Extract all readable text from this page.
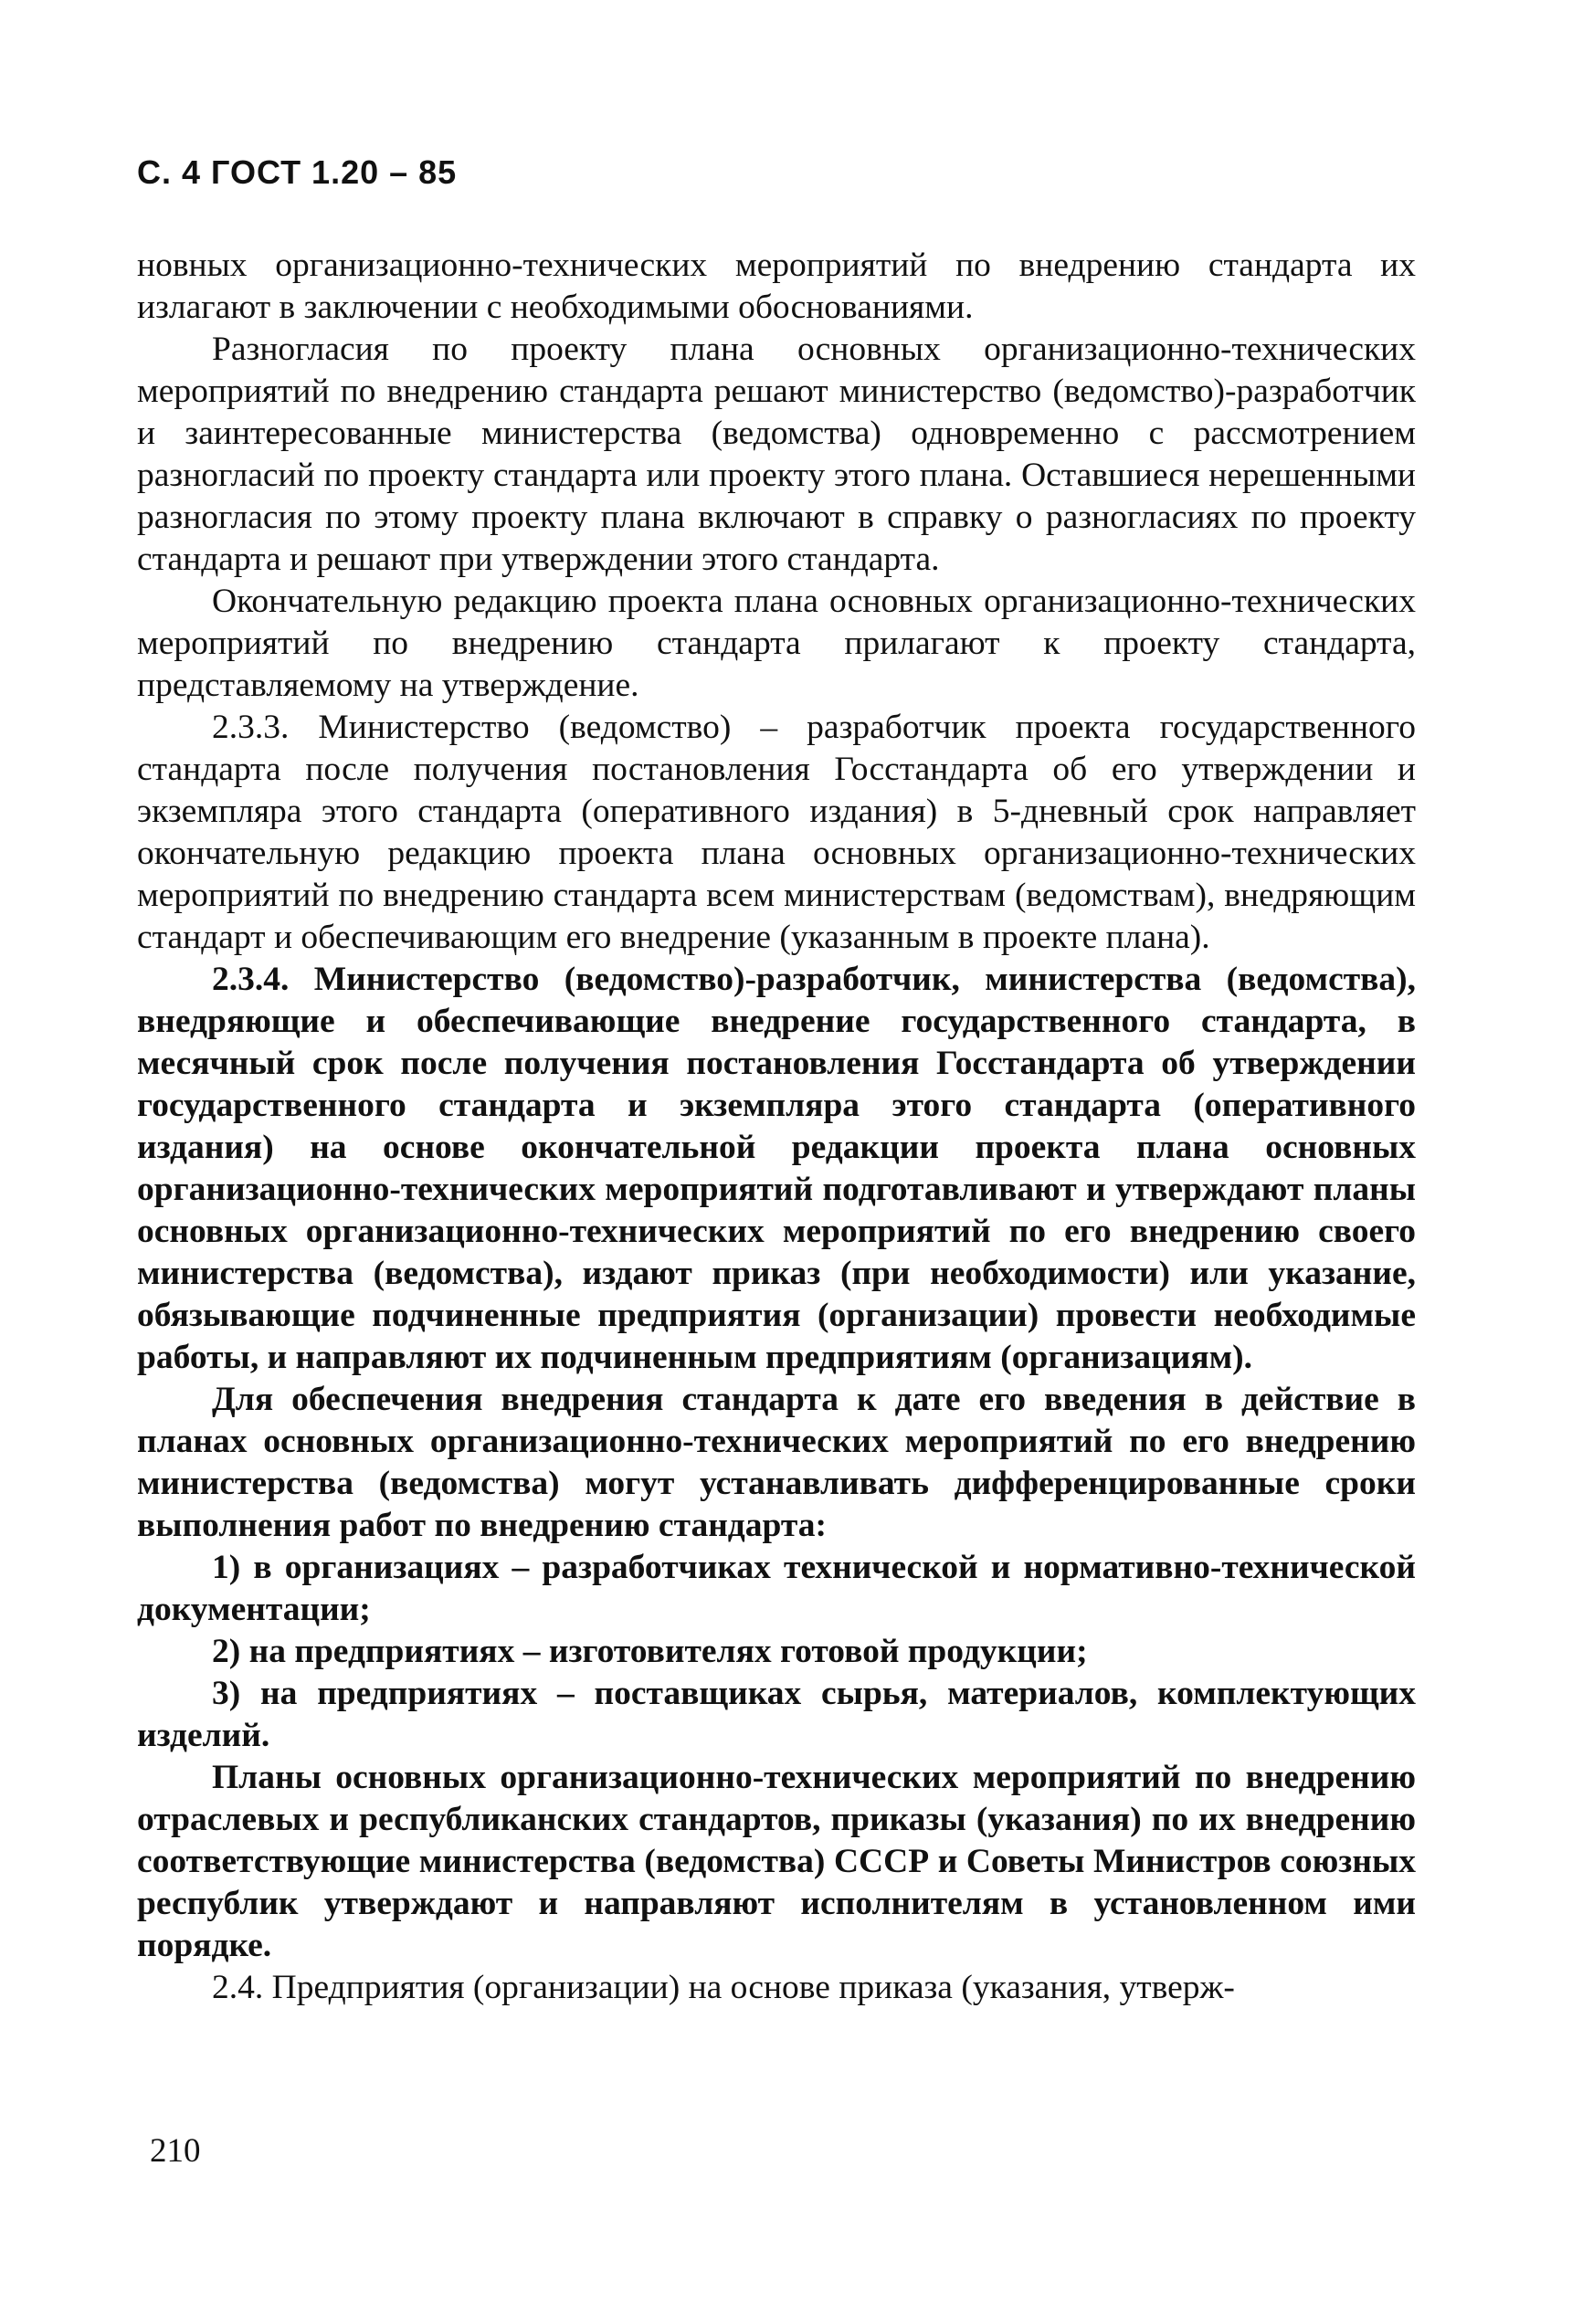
С. 4 ГОСТ 1.20 – 85

новных организационно-технических мероприятий по внедрению стандарта их излагают в заключении с необходимыми обоснованиями.

Разногласия по проекту плана основных организационно-технических мероприятий по внедрению стандарта решают министерство (ведомство)-разработчик и заинтересованные министерства (ведомства) одновременно с рассмотрением разногласий по проекту стандарта или проекту этого плана. Оставшиеся нерешенными разногласия по этому проекту плана включают в справку о разногласиях по проекту стандарта и решают при утверждении этого стандарта.

Окончательную редакцию проекта плана основных организационно-технических мероприятий по внедрению стандарта прилагают к проекту стандарта, представляемому на утверждение.

2.3.3. Министерство (ведомство) – разработчик проекта государственного стандарта после получения постановления Госстандарта об его утверждении и экземпляра этого стандарта (оперативного издания) в 5-дневный срок направляет окончательную редакцию проекта плана основных организационно-технических мероприятий по внедрению стандарта всем министерствам (ведомствам), внедряющим стандарт и обеспечивающим его внедрение (указанным в проекте плана).

2.3.4. Министерство (ведомство)-разработчик, министерства (ведомства), внедряющие и обеспечивающие внедрение государственного стандарта, в месячный срок после получения постановления Госстандарта об утверждении государственного стандарта и экземпляра этого стандарта (оперативного издания) на основе окончательной редакции проекта плана основных организационно-технических мероприятий подготавливают и утверждают планы основных организационно-технических мероприятий по его внедрению своего министерства (ведомства), издают приказ (при необходимости) или указание, обязывающие подчиненные предприятия (организации) провести необходимые работы, и направляют их подчиненным предприятиям (организациям).

Для обеспечения внедрения стандарта к дате его введения в действие в планах основных организационно-технических мероприятий по его внедрению министерства (ведомства) могут устанавливать дифференцированные сроки выполнения работ по внедрению стандарта:

1) в организациях – разработчиках технической и нормативно-технической документации;

2) на предприятиях – изготовителях готовой продукции;

3) на предприятиях – поставщиках сырья, материалов, комплектующих изделий.

Планы основных организационно-технических мероприятий по внедрению отраслевых и республиканских стандартов, приказы (указания) по их внедрению соответствующие министерства (ведомства) СССР и Советы Министров союзных республик утверждают и направляют исполнителям в установленном ими порядке.

2.4. Предприятия (организации) на основе приказа (указания, утверж-

210
